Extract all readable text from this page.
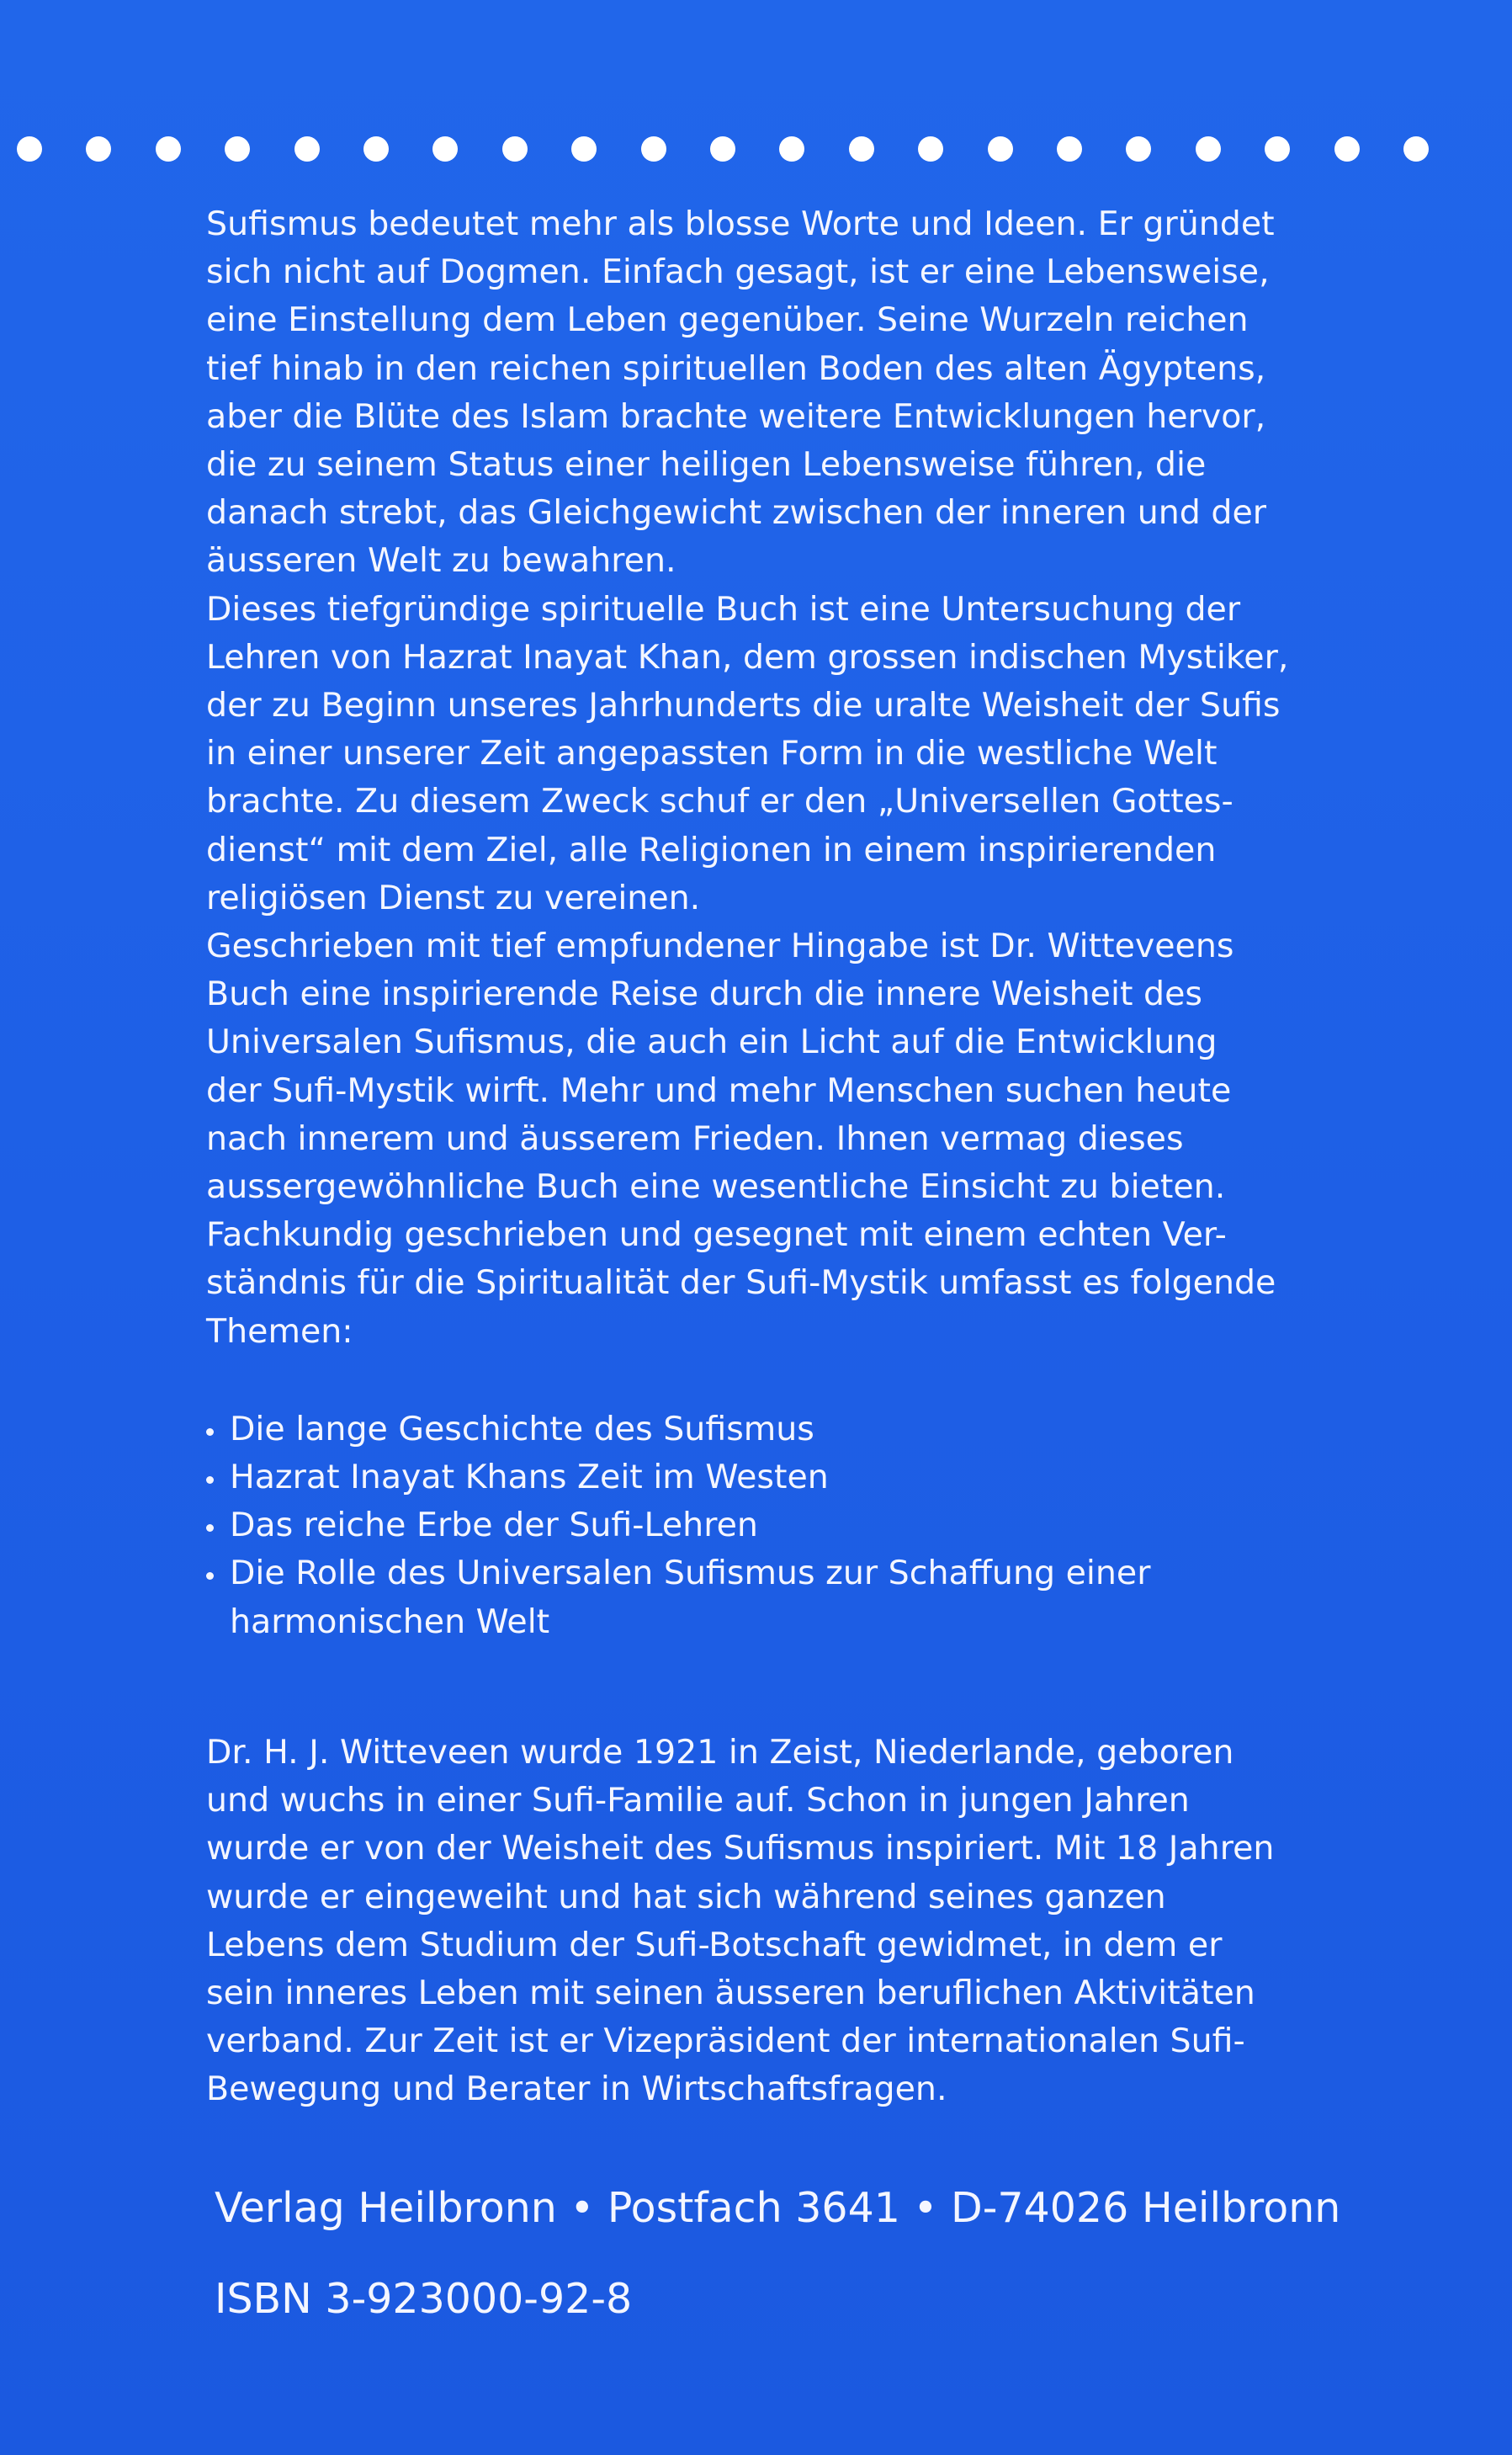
Sufismus bedeutet mehr als blosse Worte und Ideen. Er gründet
sich nicht auf Dogmen. Einfach gesagt, ist er eine Lebensweise,
eine Einstellung dem Leben gegenüber. Seine Wurzeln reichen
tief hinab in den reichen spirituellen Boden des alten Ägyptens,
aber die Blüte des Islam brachte weitere Entwicklungen hervor,
die zu seinem Status einer heiligen Lebensweise führen, die
danach strebt, das Gleichgewicht zwischen der inneren und der
äusseren Welt zu bewahren.
Dieses tiefgründige spirituelle Buch ist eine Untersuchung der
Lehren von Hazrat Inayat Khan, dem grossen indischen Mystiker,
der zu Beginn unseres Jahrhunderts die uralte Weisheit der Sufis
in einer unserer Zeit angepassten Form in die westliche Welt
brachte. Zu diesem Zweck schuf er den „Universellen Gottes-
dienst“ mit dem Ziel, alle Religionen in einem inspirierenden
religiösen Dienst zu vereinen.
Geschrieben mit tief empfundener Hingabe ist Dr. Witteveens
Buch eine inspirierende Reise durch die innere Weisheit des
Universalen Sufismus, die auch ein Licht auf die Entwicklung
der Sufi-Mystik wirft. Mehr und mehr Menschen suchen heute
nach innerem und äusserem Frieden. Ihnen vermag dieses
aussergewöhnliche Buch eine wesentliche Einsicht zu bieten.
Fachkundig geschrieben und gesegnet mit einem echten Ver-
ständnis für die Spiritualität der Sufi-Mystik umfasst es folgende
Themen:

Die lange Geschichte des Sufismus
Hazrat Inayat Khans Zeit im Westen
Das reiche Erbe der Sufi-Lehren
Die Rolle des Universalen Sufismus zur Schaffung einer
harmonischen Welt

Dr. H. J. Witteveen wurde 1921 in Zeist, Niederlande, geboren
und wuchs in einer Sufi-Familie auf. Schon in jungen Jahren
wurde er von der Weisheit des Sufismus inspiriert. Mit 18 Jahren
wurde er eingeweiht und hat sich während seines ganzen
Lebens dem Studium der Sufi-Botschaft gewidmet, in dem er
sein inneres Leben mit seinen äusseren beruflichen Aktivitäten
verband. Zur Zeit ist er Vizepräsident der internationalen Sufi-
Bewegung und Berater in Wirtschaftsfragen.

Verlag Heilbronn • Postfach 3641 • D-74026 Heilbronn
ISBN 3-923000-92-8
